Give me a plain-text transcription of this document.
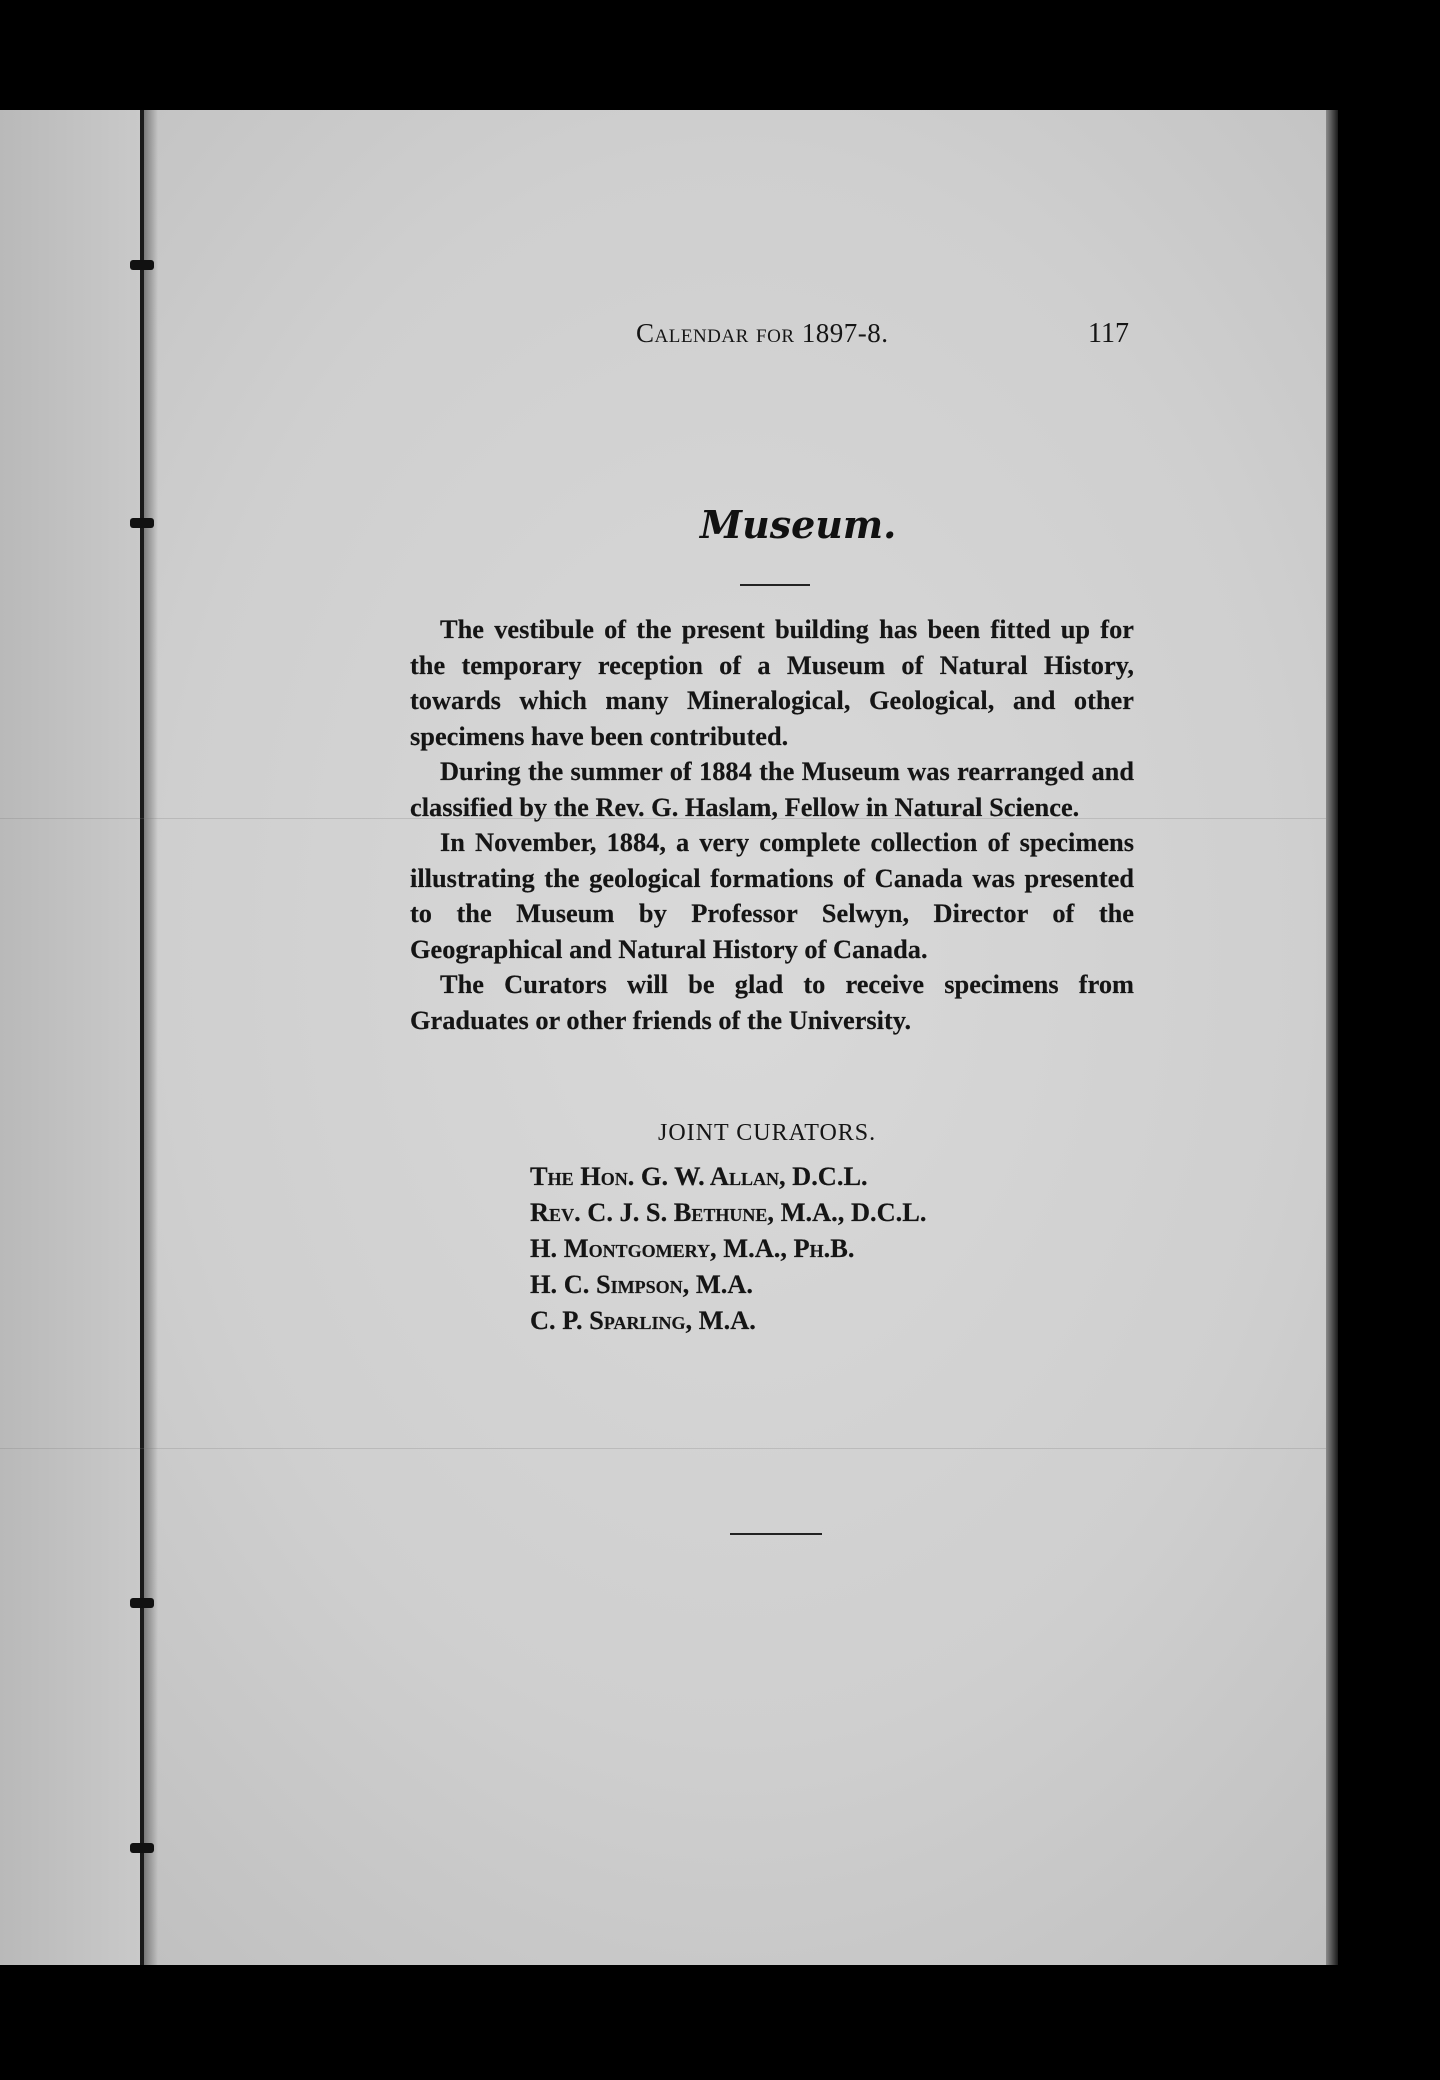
Calendar for 1897-8.	117
Museum.

The vestibule of the present building has been fitted up for the temporary reception of a Museum of Natural History, towards which many Mineralogical, Geological, and other specimens have been contributed.

During the summer of 1884 the Museum was rearranged and classified by the Rev. G. Haslam, Fellow in Natural Science.

In November, 1884, a very complete collection of specimens illustrating the geological formations of Canada was presented to the Museum by Professor Selwyn, Director of the Geographical and Natural History of Canada.

The Curators will be glad to receive specimens from Graduates or other friends of the University.

JOINT CURATORS.
The Hon. G. W. Allan, D.C.L.
Rev. C. J. S. Bethune, M.A., D.C.L.
H. Montgomery, M.A., Ph.B.
H. C. Simpson, M.A.
C. P. Sparling, M.A.
